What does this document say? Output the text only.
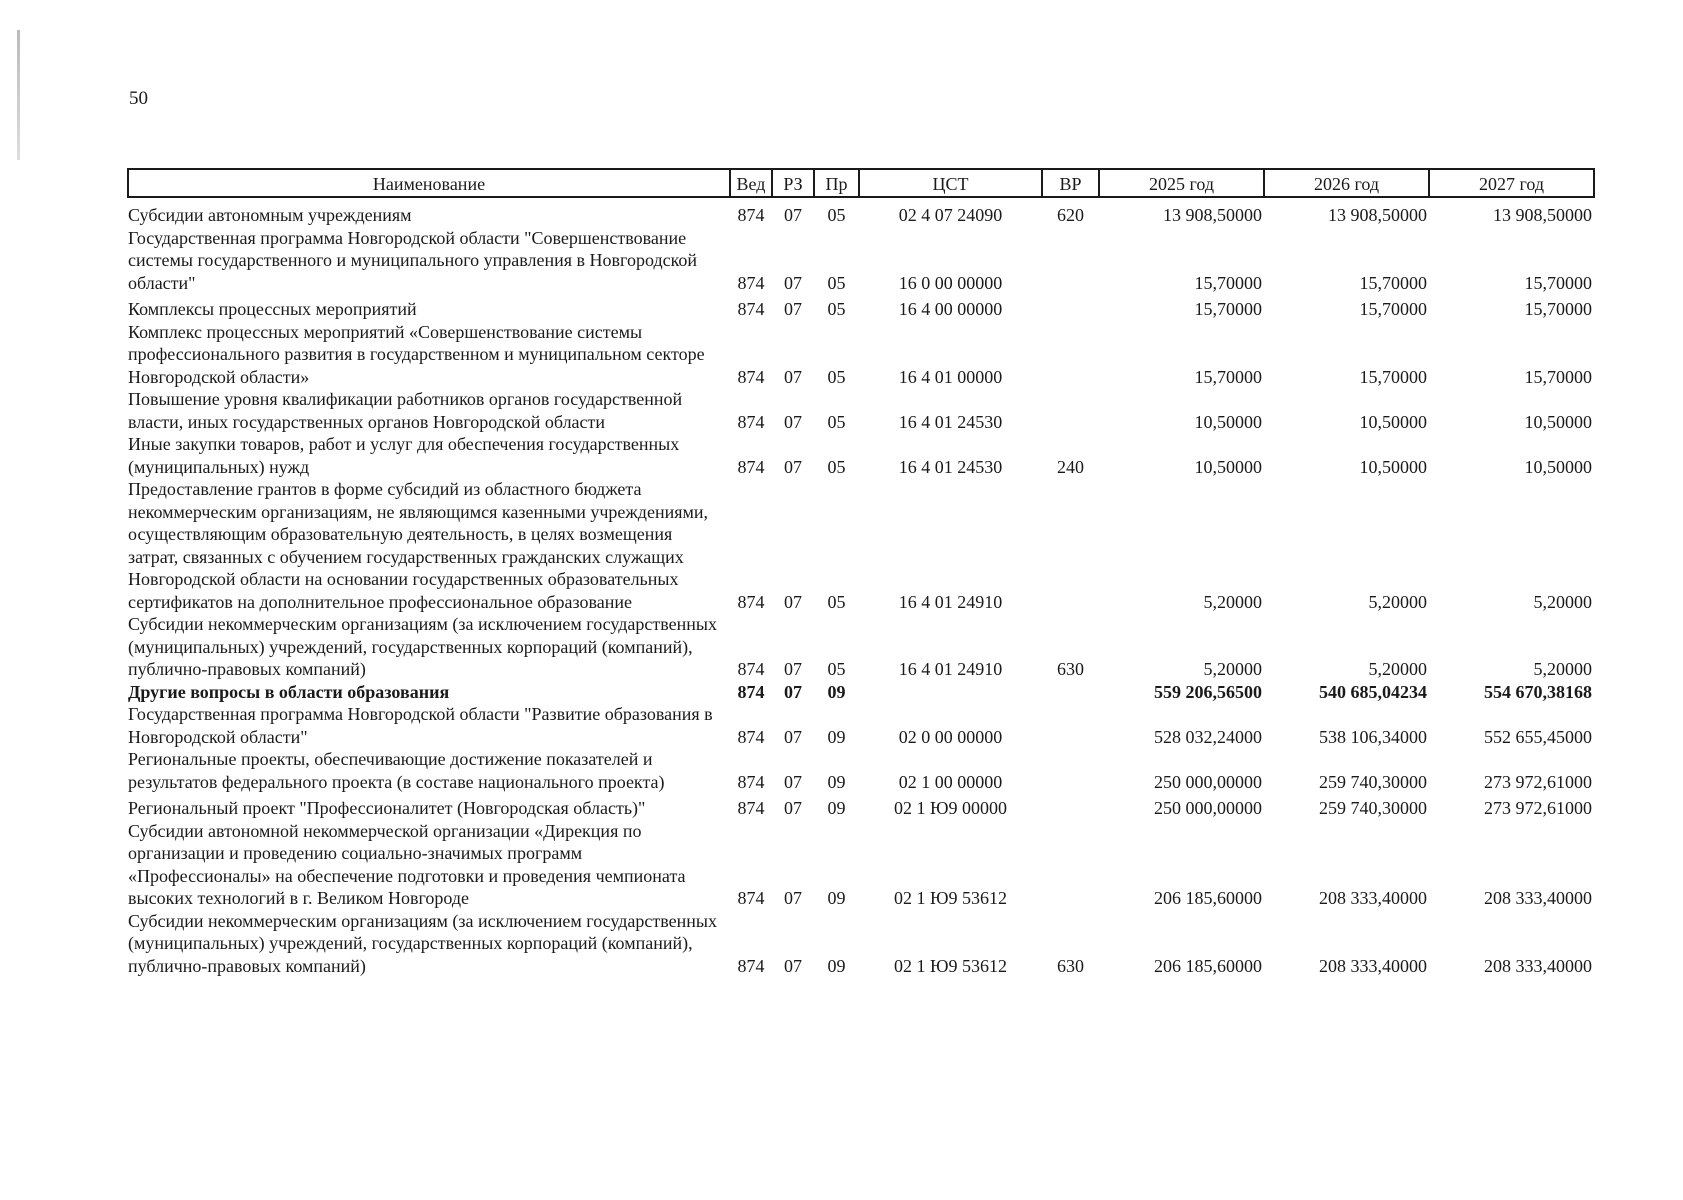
50
Наименование	Вед	РЗ	Пр	ЦСТ	ВР	2025 год	2026 год	2027 год
Субсидии автономным учреждениям	874	07	05	02 4 07 24090	620	13 908,50000	13 908,50000	13 908,50000
Государственная программа Новгородской области "Совершенствование системы государственного и муниципального управления в Новгородской области"	874	07	05	16 0 00 00000		15,70000	15,70000	15,70000
Комплексы процессных мероприятий	874	07	05	16 4 00 00000		15,70000	15,70000	15,70000
Комплекс процессных мероприятий «Совершенствование системы профессионального развития в государственном и муниципальном секторе Новгородской области»	874	07	05	16 4 01 00000		15,70000	15,70000	15,70000
Повышение уровня квалификации работников органов государственной власти, иных государственных органов Новгородской области	874	07	05	16 4 01 24530		10,50000	10,50000	10,50000
Иные закупки товаров, работ и услуг для обеспечения государственных (муниципальных) нужд	874	07	05	16 4 01 24530	240	10,50000	10,50000	10,50000
Предоставление грантов в форме субсидий из областного бюджета некоммерческим организациям, не являющимся казенными учреждениями, осуществляющим образовательную деятельность, в целях возмещения затрат, связанных с обучением государственных гражданских служащих Новгородской области на основании государственных образовательных сертификатов на дополнительное профессиональное образование	874	07	05	16 4 01 24910		5,20000	5,20000	5,20000
Субсидии некоммерческим организациям (за исключением государственных (муниципальных) учреждений, государственных корпораций (компаний), публично-правовых компаний)	874	07	05	16 4 01 24910	630	5,20000	5,20000	5,20000
Другие вопросы в области образования	874	07	09			559 206,56500	540 685,04234	554 670,38168
Государственная программа Новгородской области "Развитие образования в Новгородской области"	874	07	09	02 0 00 00000		528 032,24000	538 106,34000	552 655,45000
Региональные проекты, обеспечивающие достижение показателей и результатов федерального проекта (в составе национального проекта)	874	07	09	02 1 00 00000		250 000,00000	259 740,30000	273 972,61000
Региональный проект "Профессионалитет (Новгородская область)"	874	07	09	02 1 Ю9 00000		250 000,00000	259 740,30000	273 972,61000
Субсидии автономной некоммерческой организации «Дирекция по организации и проведению социально-значимых программ «Профессионалы» на обеспечение подготовки и проведения чемпионата высоких технологий в г. Великом Новгороде	874	07	09	02 1 Ю9 53612		206 185,60000	208 333,40000	208 333,40000
Субсидии некоммерческим организациям (за исключением государственных (муниципальных) учреждений, государственных корпораций (компаний), публично-правовых компаний)	874	07	09	02 1 Ю9 53612	630	206 185,60000	208 333,40000	208 333,40000
